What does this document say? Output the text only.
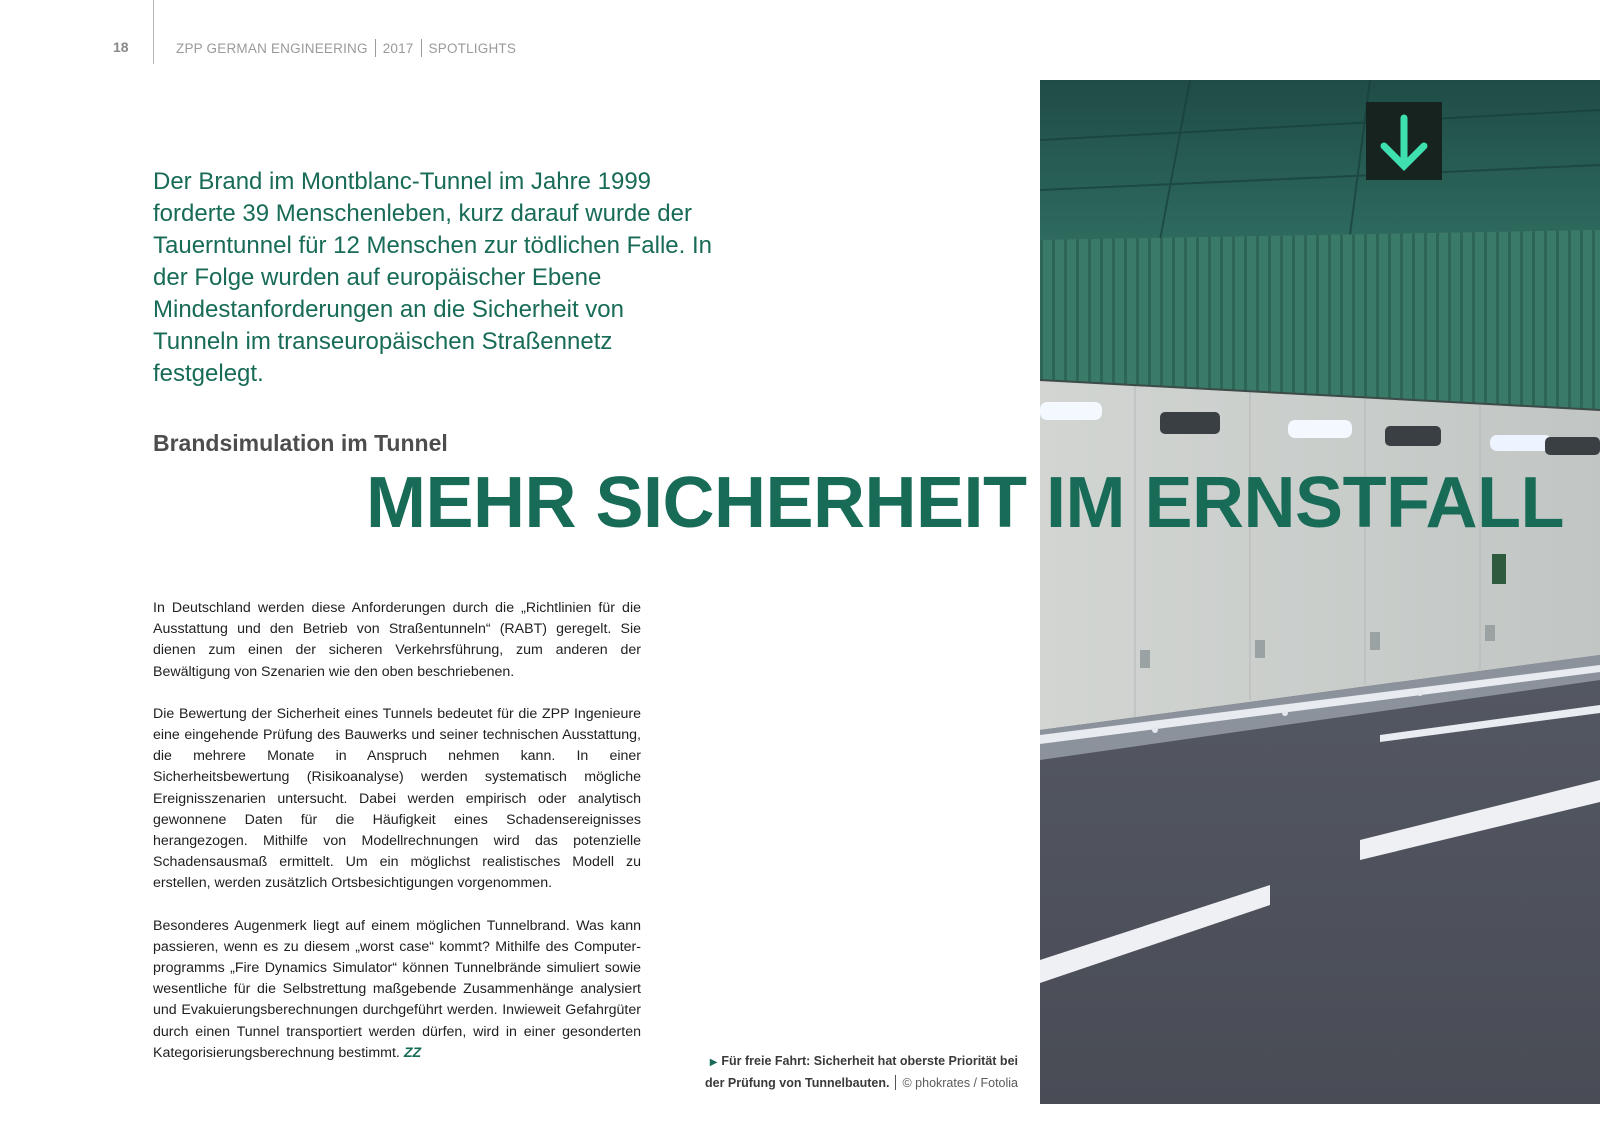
18	ZPP GERMAN ENGINEERING 2017 SPOTLIGHTS

Der Brand im Montblanc-Tunnel im Jahre 1999 forderte 39 Menschenleben, kurz darauf wurde der Tauerntunnel für 12 Menschen zur tödlichen Falle. In der Folge wurden auf europäischer Ebene Mindestanforderungen an die Sicherheit von Tunneln im transeuropäischen Straßennetz festgelegt.

Brandsimulation im Tunnel
MEHR SICHERHEIT IM ERNSTFALL

In Deutschland werden diese Anforderungen durch die „Richtlinien für die Ausstattung und den Betrieb von Straßentunneln“ (RABT) geregelt. Sie dienen zum einen der sicheren Verkehrsführung, zum anderen der Bewältigung von Szenarien wie den oben beschriebenen.

Die Bewertung der Sicherheit eines Tunnels bedeutet für die ZPP Ingenieure eine eingehende Prüfung des Bauwerks und seiner technischen Ausstattung, die mehrere Monate in Anspruch nehmen kann. In einer Sicherheitsbewertung (Risikoanalyse) werden systematisch mögliche Ereignisszenarien untersucht. Dabei werden empirisch oder analytisch gewonnene Daten für die Häufigkeit eines Schadensereignisses herangezogen. Mithilfe von Modellrechnungen wird das potenzielle Schadensausmaß ermittelt. Um ein möglichst realistisches Modell zu erstellen, werden zusätzlich Ortsbesichtigungen vorgenommen.

Besonderes Augenmerk liegt auf einem möglichen Tunnelbrand. Was kann passieren, wenn es zu diesem „worst case“ kommt? Mithilfe des Computerprogramms „Fire Dynamics Simulator“ können Tunnelbrände simuliert sowie wesentliche für die Selbstrettung maßgebende Zusammenhänge analysiert und Evakuierungsberechnungen durchgeführt werden. Inwieweit Gefahrgüter durch einen Tunnel transportiert werden dürfen, wird in einer gesonderten Kategorisierungsberechnung bestimmt. ZZ

▶ Für freie Fahrt: Sicherheit hat oberste Priorität bei der Prüfung von Tunnelbauten. © phokrates / Fotolia
